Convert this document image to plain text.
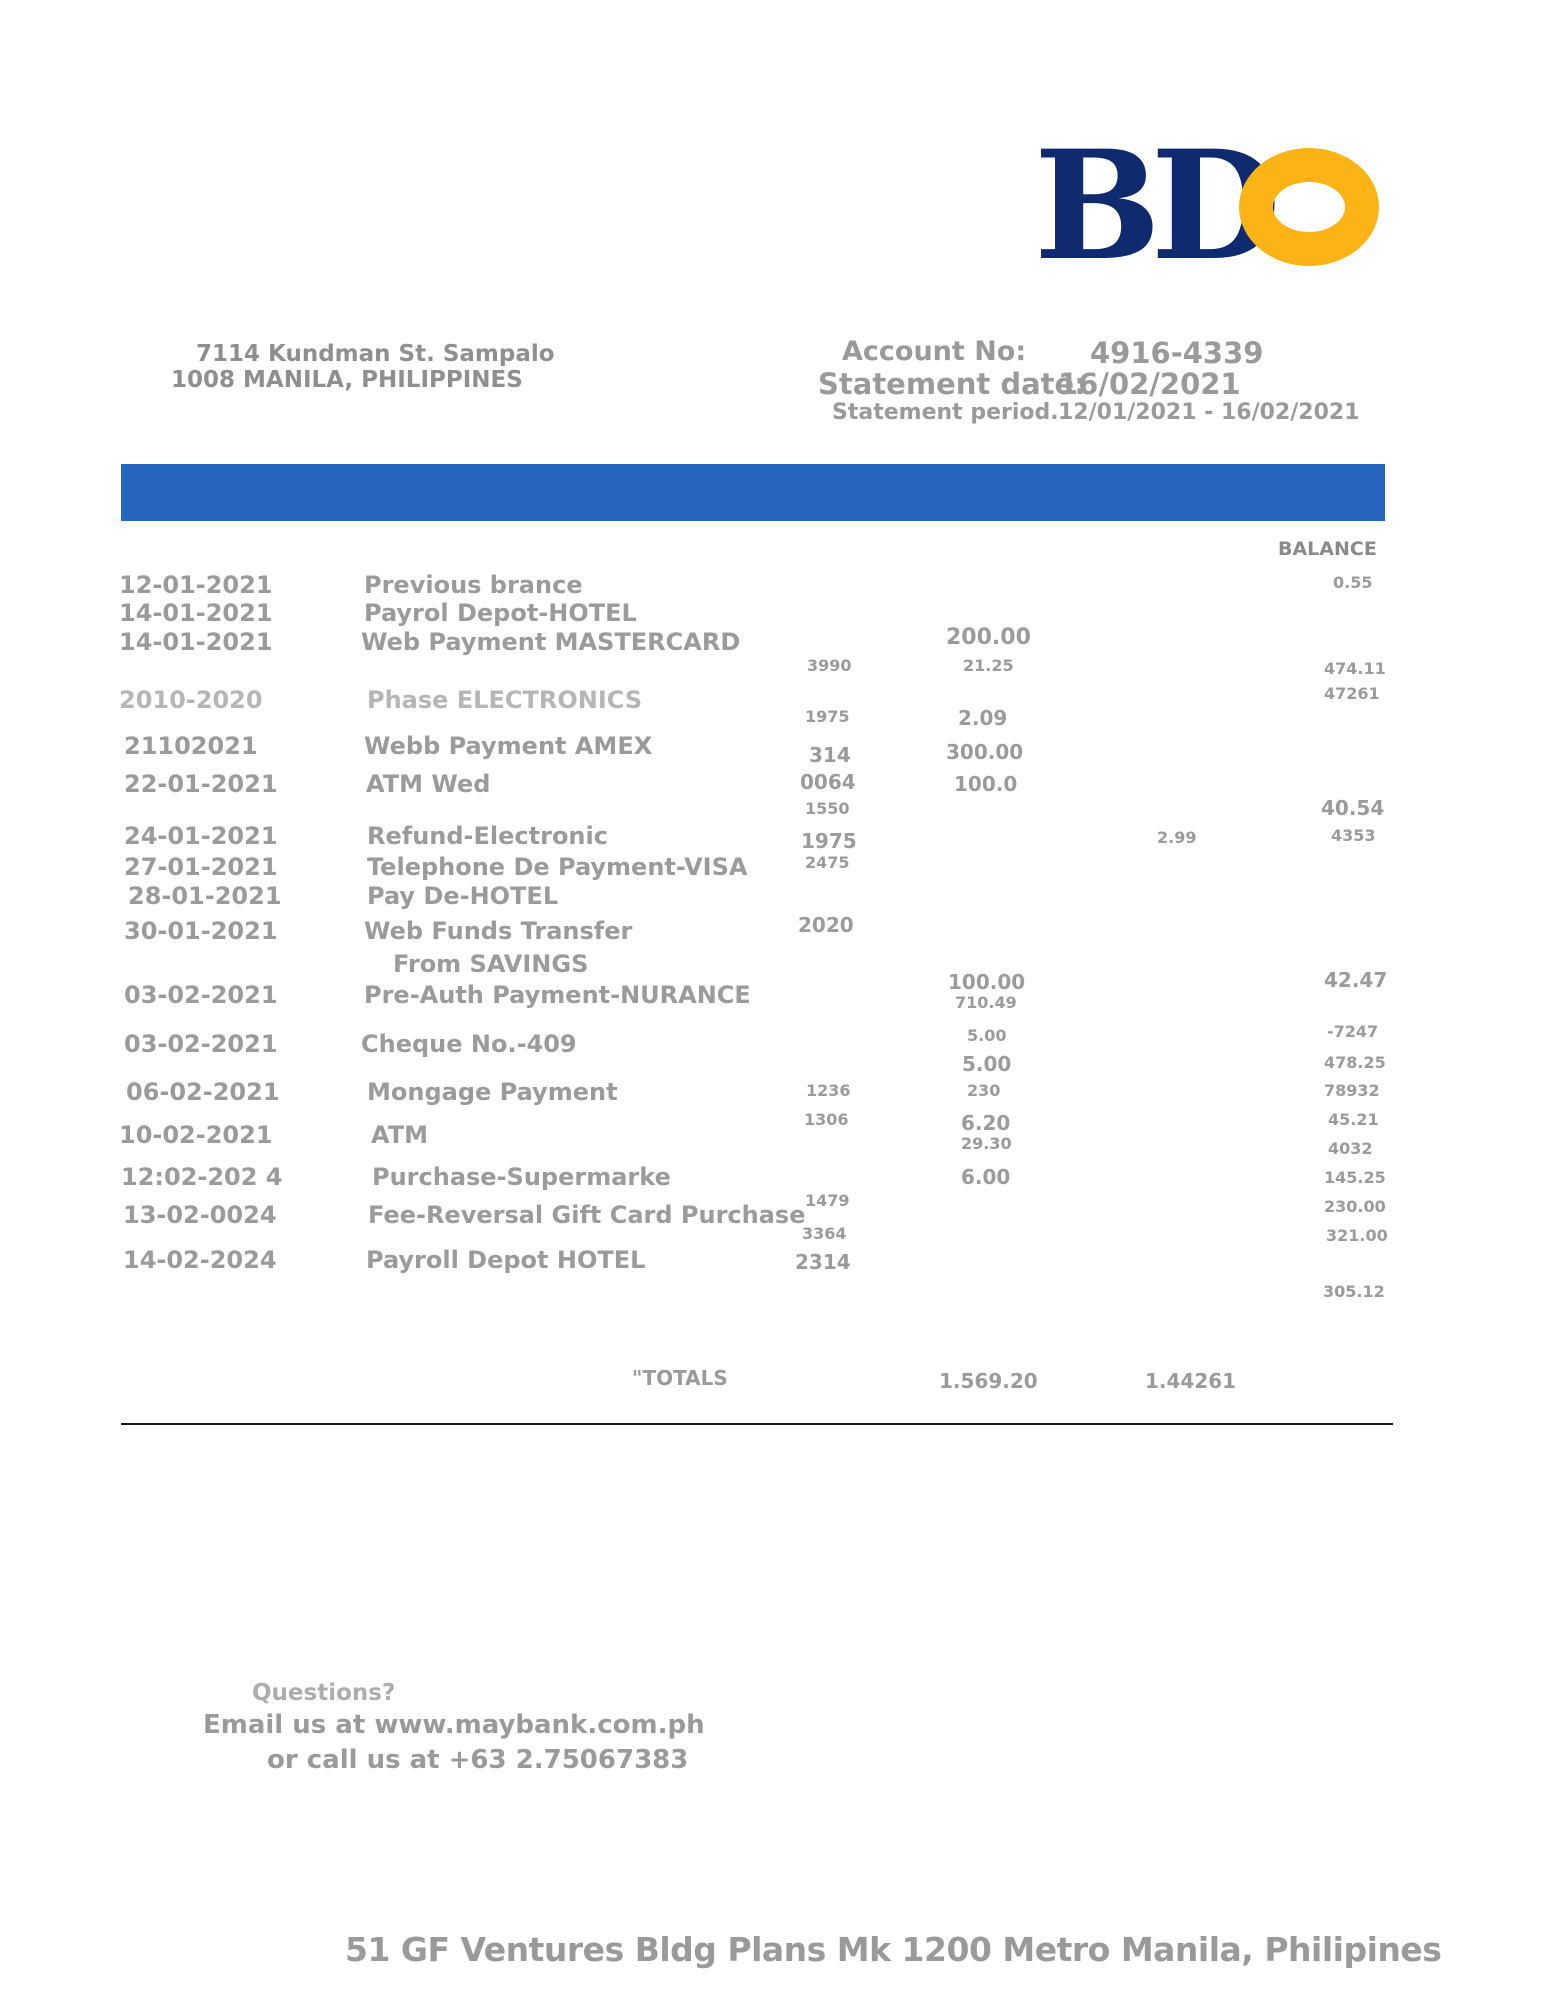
BD
7114 Kundman St. Sampalo
1008 MANILA, PHILIPPINES
Account No: 4916-4339
Statement date:
16/02/2021
Statement period. 12/01/2021 - 16/02/2021
BALANCE
12-01-2021
14-01-2021
14-01-2021
2010-2020
21102021
22-01-2021
24-01-2021
27-01-2021
28-01-2021
30-01-2021
03-02-2021
03-02-2021
06-02-2021
10-02-2021
12:02-202 4
13-02-0024
14-02-2024
Previous brance
Payrol Depot-HOTEL
Web Payment MASTERCARD
Phase ELECTRONICS
Webb Payment AMEX
ATM Wed
Refund-Electronic
Telephone De Payment-VISA
Pay De-HOTEL
Web Funds Transfer
From SAVINGS
Pre-Auth Payment-NURANCE
Cheque No.-409
Mongage Payment
ATM
Purchase-Supermarke
Fee-Reversal Gift Card Purchase
Payroll Depot HOTEL
3990
1975
314
0064
1550
1975
2475
2020
1236
1306
1479
3364
2314
200.00
21.25
2.09
300.00
100.0
100.00
710.49
5.00
5.00
230
6.20
29.30
6.00
2.99
0.55
474.11
47261
40.54
4353
42.47
-7247
478.25
78932
45.21
4032
145.25
230.00
321.00
305.12
"TOTALS	1.569.20	1.44261
Questions?
Email us at www.maybank.com.ph
or call us at +63 2.75067383
51 GF Ventures Bldg Plans Mk 1200 Metro Manila, Philipines
